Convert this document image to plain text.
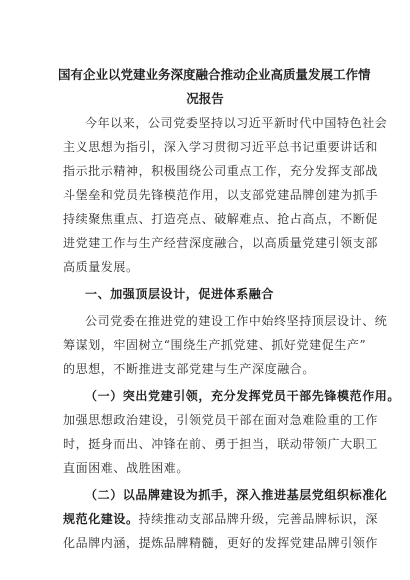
国有企业以党建业务深度融合推动企业高质量发展工作情
况报告

今年以来，公司党委坚持以习近平新时代中国特色社会

主义思想为指引，深入学习贯彻习近平总书记重要讲话和

指示批示精神，积极围绕公司重点工作，充分发挥支部战

斗堡垒和党员先锋模范作用，以支部党建品牌创建为抓手

持续聚焦重点、打造亮点、破解难点、抢占高点，不断促

进党建工作与生产经营深度融合，以高质量党建引领支部

高质量发展。

一、加强顶层设计，促进体系融合

公司党委在推进党的建设工作中始终坚持顶层设计、统

筹谋划，牢固树立“围绕生产抓党建、抓好党建促生产”

的思想，不断推进支部党建与生产深度融合。

（一）突出党建引领，充分发挥党员干部先锋模范作用。

加强思想政治建设，引领党员干部在面对急难险重的工作

时，挺身而出、冲锋在前、勇于担当，联动带领广大职工

直面困难、战胜困难。

（二）以品牌建设为抓手，深入推进基层党组织标准化

规范化建设。持续推动支部品牌升级，完善品牌标识，深

化品牌内涵，提炼品牌精髓，更好的发挥党建品牌引领作
